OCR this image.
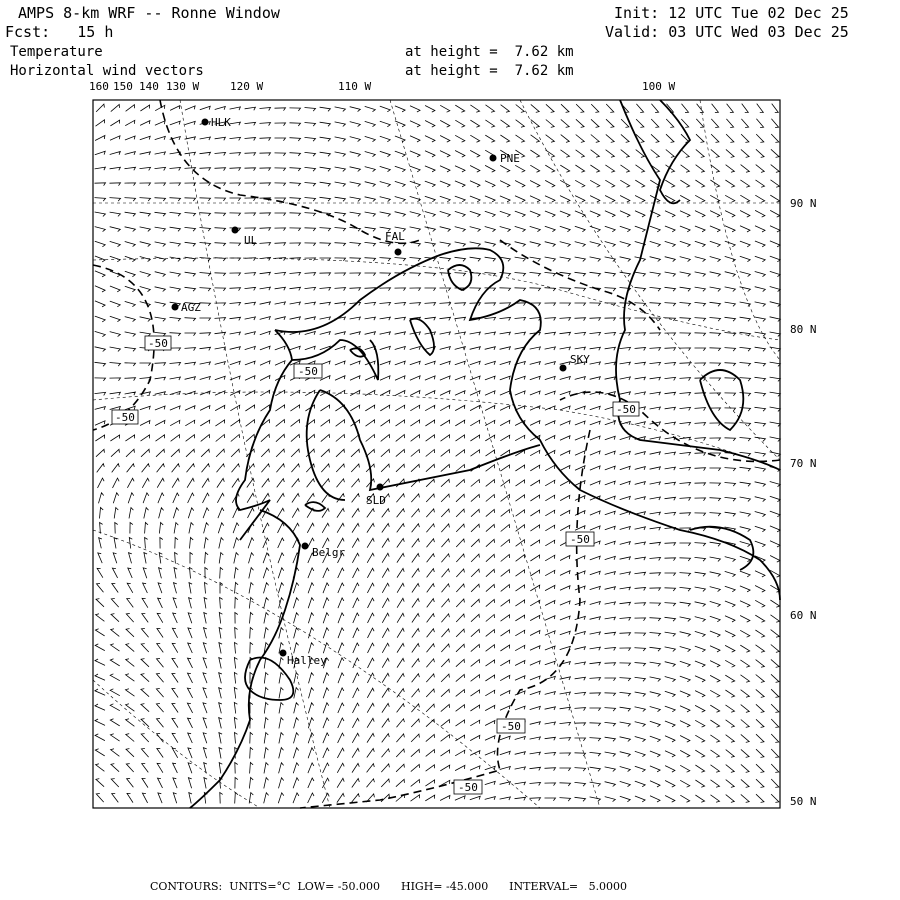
AMPS 8-km WRF -- Ronne Window
Fcst:   15 h
Temperature
Horizontal wind vectors
at height =  7.62 km
at height =  7.62 km
Init: 12 UTC Tue 02 Dec 25
Valid: 03 UTC Wed 03 Dec 25
160 150 140 130 W	120 W	110 W	100 W
90 N
80 N
70 N
60 N
50 N
HLK
PNE
UL	FAL
AGZ
SKY
SLD
Belgr
Halley
-50
-50
-50
-50
-50
-50
-50
CONTOURS:  UNITS=°C  LOW= -50.000      HIGH= -45.000      INTERVAL=   5.0000
